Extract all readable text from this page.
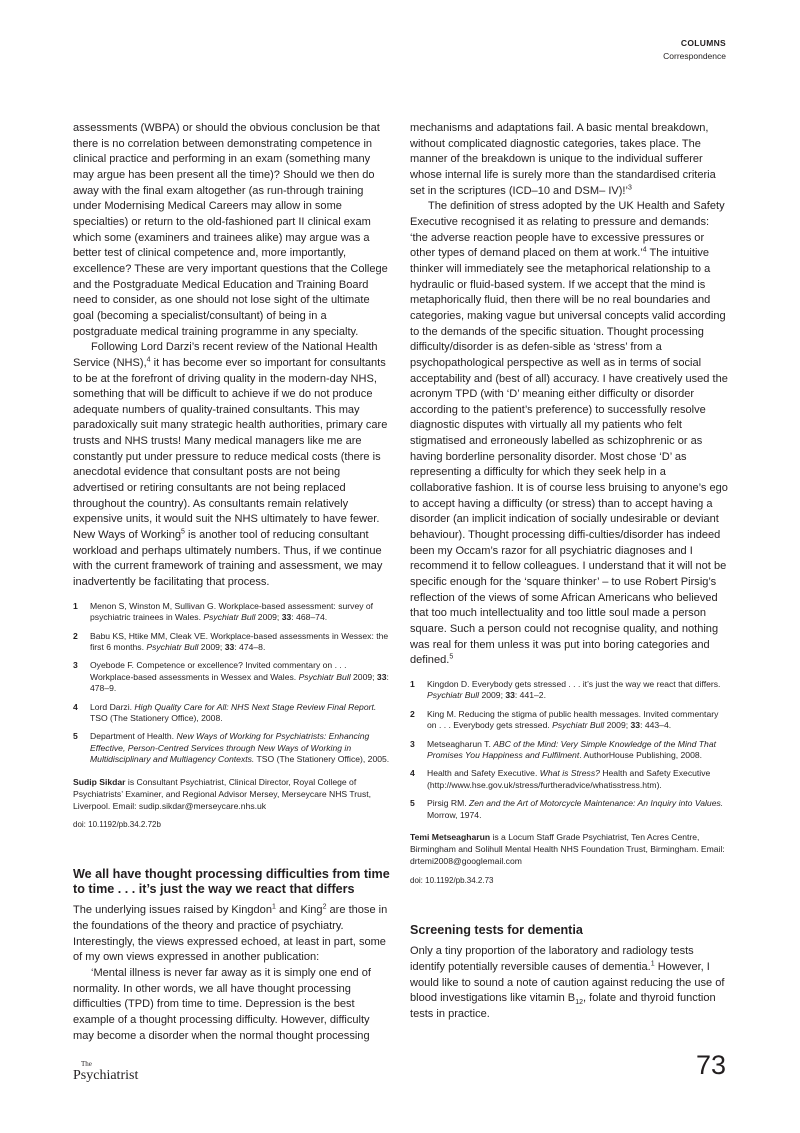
COLUMNS
Correspondence

assessments (WBPA) or should the obvious conclusion be that there is no correlation between demonstrating competence in clinical practice and performing in an exam (something many may argue has been present all the time)? Should we then do away with the final exam altogether (as run-through training under Modernising Medical Careers may allow in some specialties) or return to the old-fashioned part II clinical exam which some (examiners and trainees alike) may argue was a better test of clinical competence and, more importantly, excellence? These are very important questions that the College and the Postgraduate Medical Education and Training Board need to consider, as one should not lose sight of the ultimate goal (becoming a specialist/consultant) of being in a postgraduate medical training programme in any specialty.

Following Lord Darzi’s recent review of the National Health Service (NHS),$^4$ it has become ever so important for consultants to be at the forefront of driving quality in the modern-day NHS, something that will be difficult to achieve if we do not produce adequate numbers of quality-trained consultants. This may paradoxically suit many strategic health authorities, primary care trusts and NHS trusts! Many medical managers like me are constantly put under pressure to reduce medical costs (there is anecdotal evidence that consultant posts are not being advertised or retiring consultants are not being replaced throughout the country). As consultants remain relatively expensive units, it would suit the NHS ultimately to have fewer. New Ways of Working$^5$ is another tool of reducing consultant workload and perhaps ultimately numbers. Thus, if we continue with the current framework of training and assessment, we may inadvertently be facilitating that process.

1 Menon S, Winston M, Sullivan G. Workplace-based assessment: survey of psychiatric trainees in Wales. Psychiatr Bull 2009; 33: 468–74.
2 Babu KS, Htike MM, Cleak VE. Workplace-based assessments in Wessex: the first 6 months. Psychiatr Bull 2009; 33: 474–8.
3 Oyebode F. Competence or excellence? Invited commentary on . . . Workplace-based assessments in Wessex and Wales. Psychiatr Bull 2009; 33: 478–9.
4 Lord Darzi. High Quality Care for All: NHS Next Stage Review Final Report. TSO (The Stationery Office), 2008.
5 Department of Health. New Ways of Working for Psychiatrists: Enhancing Effective, Person-Centred Services through New Ways of Working in Multidisciplinary and Multiagency Contexts. TSO (The Stationery Office), 2005.

Sudip Sikdar is Consultant Psychiatrist, Clinical Director, Royal College of Psychiatrists’ Examiner, and Regional Advisor Mersey, Merseycare NHS Trust, Liverpool. Email: sudip.sikdar@merseycare.nhs.uk

doi: 10.1192/pb.34.2.72b

We all have thought processing difficulties from time to time . . . it’s just the way we react that differs

The underlying issues raised by Kingdon$^1$ and King$^2$ are those in the foundations of the theory and practice of psychiatry. Interestingly, the views expressed echoed, at least in part, some of my own views expressed in another publication:

‘Mental illness is never far away as it is simply one end of normality. In other words, we all have thought processing difficulties (TPD) from time to time. Depression is the best example of a thought processing difficulty. However, difficulty may become a disorder when the normal thought processing

mechanisms and adaptations fail. A basic mental breakdown, without complicated diagnostic categories, takes place. The manner of the breakdown is unique to the individual sufferer whose internal life is surely more than the standardised criteria set in the scriptures (ICD–10 and DSM– IV)!’$^3$

The definition of stress adopted by the UK Health and Safety Executive recognised it as relating to pressure and demands: ‘the adverse reaction people have to excessive pressures or other types of demand placed on them at work.’$^4$ The intuitive thinker will immediately see the metaphorical relationship to a hydraulic or fluid-based system. If we accept that the mind is metaphorically fluid, then there will be no real boundaries and categories, making vague but universal concepts valid according to the demands of the specific situation. Thought processing difficulty/disorder is as defen-sible as ‘stress’ from a psychopathological perspective as well as in terms of social acceptability and (best of all) accuracy. I have creatively used the acronym TPD (with ‘D’ meaning either difficulty or disorder according to the patient’s preference) to successfully resolve diagnostic disputes with virtually all my patients who felt stigmatised and erroneously labelled as schizophrenic or as having borderline personality disorder. Most chose ‘D’ as representing a difficulty for which they seek help in a collaborative fashion. It is of course less bruising to anyone’s ego to accept having a difficulty (or stress) than to accept having a disorder (an implicit indication of socially undesirable or deviant behaviour). Thought processing diffi-culties/disorder has indeed been my Occam’s razor for all psychiatric diagnoses and I recommend it to fellow colleagues. I understand that it will not be specific enough for the ‘square thinker’ – to use Robert Pirsig’s reflection of the views of some African Americans who believed that too much intellectuality and too little soul made a person square. Such a person could not recognise quality, and nothing was real for them unless it was put into boring categories and defined.$^5$

1 Kingdon D. Everybody gets stressed . . . it’s just the way we react that differs. Psychiatr Bull 2009; 33: 441–2.
2 King M. Reducing the stigma of public health messages. Invited commentary on . . . Everybody gets stressed. Psychiatr Bull 2009; 33: 443–4.
3 Metseagharun T. ABC of the Mind: Very Simple Knowledge of the Mind That Promises You Happiness and Fulfilment. AuthorHouse Publishing, 2008.
4 Health and Safety Executive. What is Stress? Health and Safety Executive (http://www.hse.gov.uk/stress/furtheradvice/whatisstress.htm).
5 Pirsig RM. Zen and the Art of Motorcycle Maintenance: An Inquiry into Values. Morrow, 1974.

Temi Metseagharun is a Locum Staff Grade Psychiatrist, Ten Acres Centre, Birmingham and Solihull Mental Health NHS Foundation Trust, Birmingham. Email: drtemi2008@googlemail.com

doi: 10.1192/pb.34.2.73

Screening tests for dementia

Only a tiny proportion of the laboratory and radiology tests identify potentially reversible causes of dementia.$^1$ However, I would like to sound a note of caution against reducing the use of blood investigations like vitamin $B_{12}$, folate and thyroid function tests in practice.

The
Psychiatrist	73
